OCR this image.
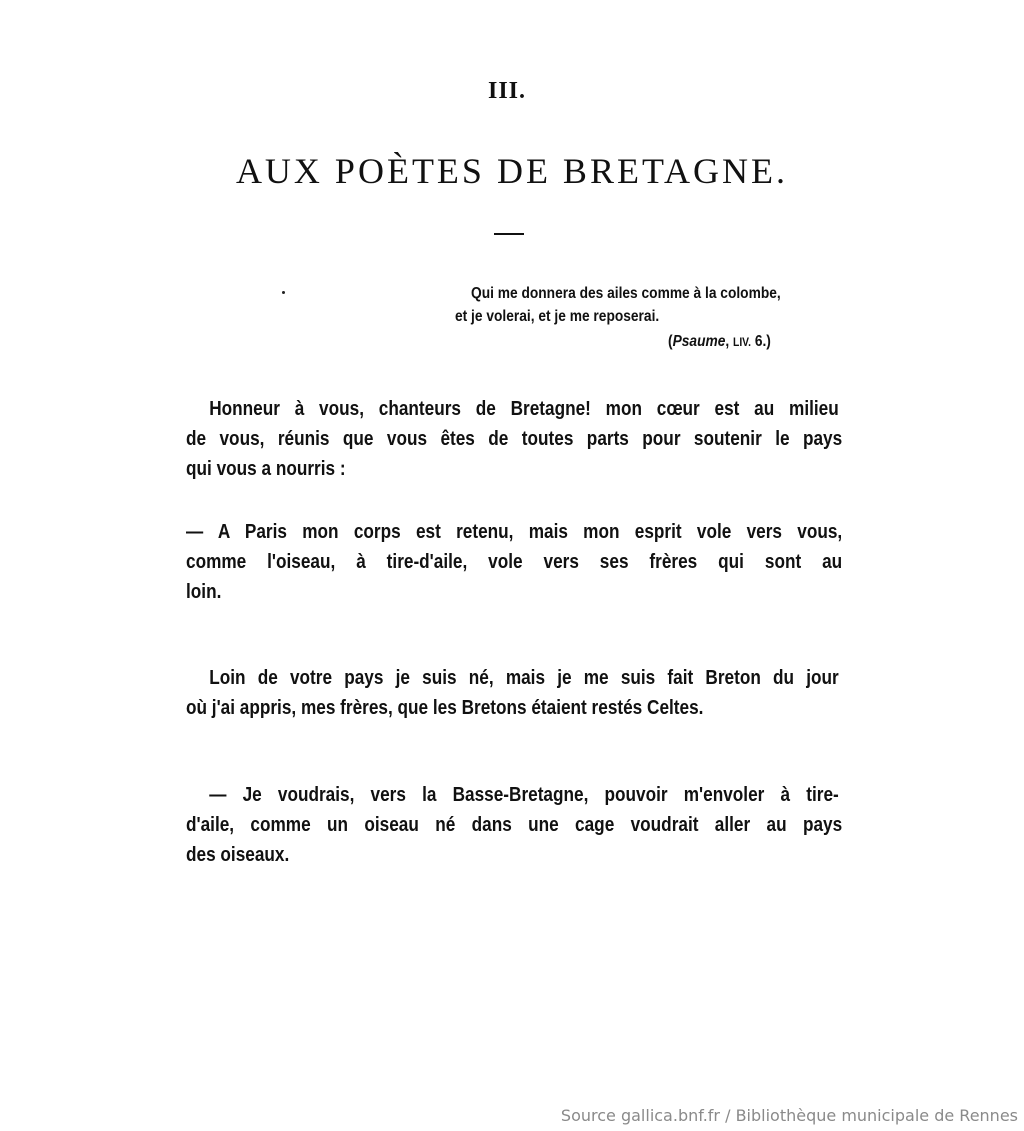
III.
AUX POÈTES DE BRETAGNE.
Qui me donnera des ailes comme à la colombe,
et je volerai, et je me reposerai.
(Psaume, LIV. 6.)
Honneur à vous, chanteurs de Bretagne! mon cœur est au milieu
de vous, réunis que vous êtes de toutes parts pour soutenir le pays
qui vous a nourris :
— A Paris mon corps est retenu, mais mon esprit vole vers vous,
comme l'oiseau, à tire-d'aile, vole vers ses frères qui sont au
loin.
Loin de votre pays je suis né, mais je me suis fait Breton du jour
où j'ai appris, mes frères, que les Bretons étaient restés Celtes.
— Je voudrais, vers la Basse-Bretagne, pouvoir m'envoler à tire-
d'aile, comme un oiseau né dans une cage voudrait aller au pays
des oiseaux.
Source gallica.bnf.fr / Bibliothèque municipale de Rennes
